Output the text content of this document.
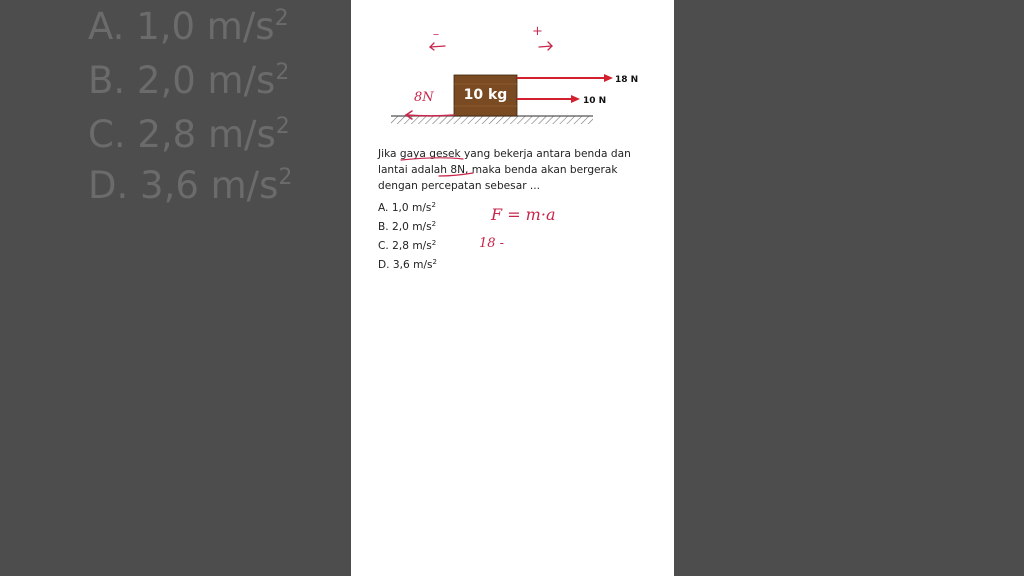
A. 1,0 $m/s^2$
B. 2,0 $m/s^2$
C. 2,8 $m/s^2$
D. 3,6 $m/s^2$
10 kg
18 N
10 N
Jika gaya gesek yang bekerja antara benda dan lantai adalah 8N, maka benda akan bergerak dengan percepatan sebesar ...
A. 1,0 $m/s^2$
B. 2,0 $m/s^2$
C. 2,8 $m/s^2$
D. 3,6 $m/s^2$
–	+
8N
F = m·a
18 -
